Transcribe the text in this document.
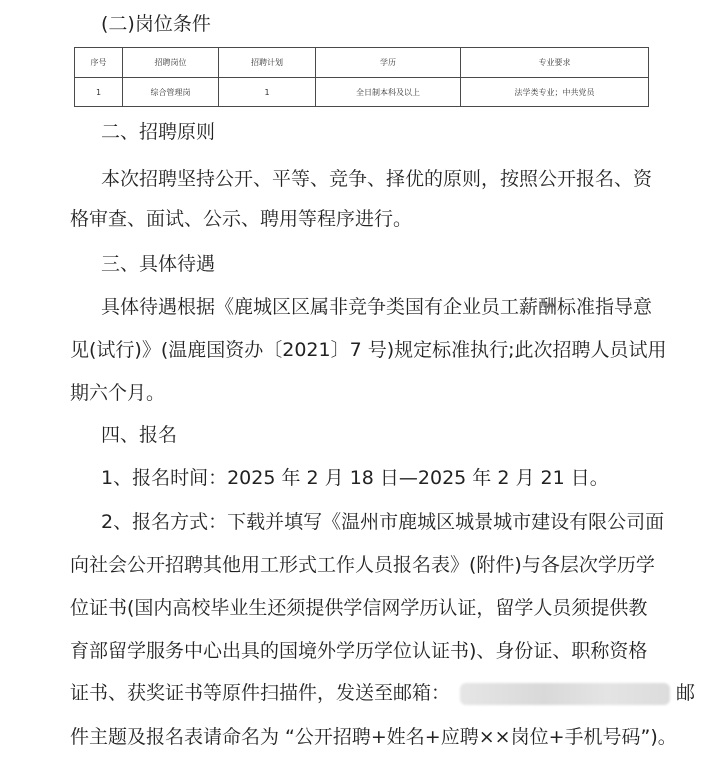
(二)岗位条件
序号	招聘岗位	招聘计划	学历	专业要求
1	综合管理岗	1	全日制本科及以上	法学类专业；中共党员
二、招聘原则
本次招聘坚持公开、平等、竞争、择优的原则，按照公开报名、资
格审查、面试、公示、聘用等程序进行。
三、具体待遇
具体待遇根据《鹿城区区属非竞争类国有企业员工薪酬标准指导意
见(试行)》(温鹿国资办〔2021〕7 号)规定标准执行;此次招聘人员试用
期六个月。
四、报名
1、报名时间：2025 年 2 月 18 日—2025 年 2 月 21 日。
2、报名方式：下载并填写《温州市鹿城区城景城市建设有限公司面
向社会公开招聘其他用工形式工作人员报名表》(附件)与各层次学历学
位证书(国内高校毕业生还须提供学信网学历认证，留学人员须提供教
育部留学服务中心出具的国境外学历学位认证书)、身份证、职称资格
证书、获奖证书等原件扫描件，发送至邮箱：	邮
件主题及报名表请命名为 “公开招聘+姓名+应聘××岗位+手机号码”)。
